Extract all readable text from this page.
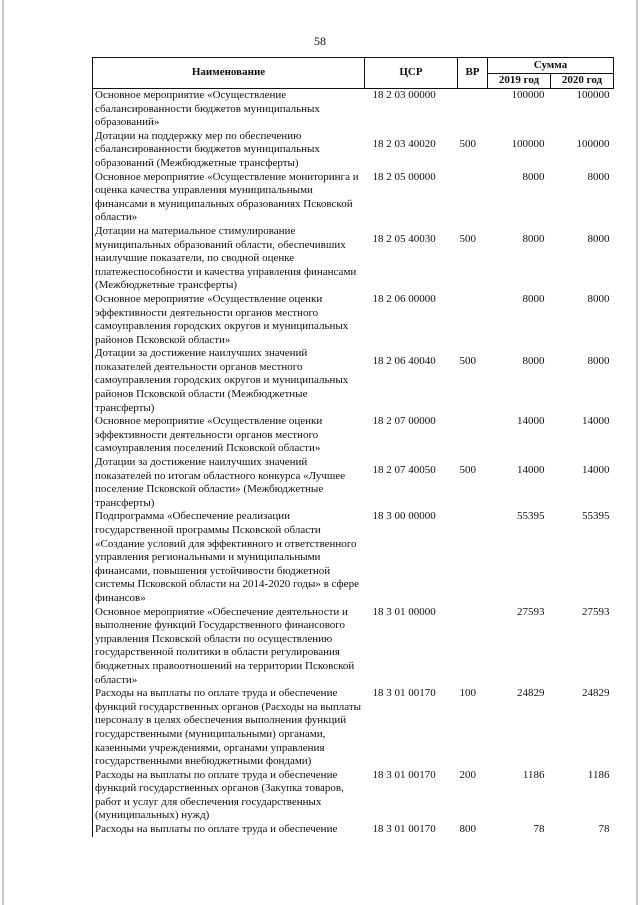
58
Наименование	ЦСР	ВР	Сумма	
			2019 год	2020 год
Основное мероприятие «Осуществление сбалансированности бюджетов муниципальных образований»	18 2 03 00000		100000	100000
Дотации на поддержку мер по обеспечению сбалансированности бюджетов муниципальных образований (Межбюджетные трансферты)	18 2 03 40020	500	100000	100000
Основное мероприятие «Осуществление мониторинга и оценка качества управления муниципальными финансами в муниципальных образованиях Псковской области»	18 2 05 00000		8000	8000
Дотации на материальное стимулирование муниципальных образований области, обеспечивших наилучшие показатели, по сводной оценке платежеспособности и качества управления финансами (Межбюджетные трансферты)	18 2 05 40030	500	8000	8000
Основное мероприятие «Осуществление оценки эффективности деятельности органов местного самоуправления городских округов и муниципальных районов Псковской области»	18 2 06 00000		8000	8000
Дотации за достижение наилучших значений показателей деятельности органов местного самоуправления городских округов и муниципальных районов Псковской области (Межбюджетные трансферты)	18 2 06 40040	500	8000	8000
Основное мероприятие «Осуществление оценки эффективности деятельности органов местного самоуправления поселений Псковской области»	18 2 07 00000		14000	14000
Дотации за достижение наилучших значений показателей по итогам областного конкурса «Лучшее поселение Псковской области» (Межбюджетные трансферты)	18 2 07 40050	500	14000	14000
Подпрограмма «Обеспечение реализации государственной программы Псковской области «Создание условий для эффективного и ответственного управления региональными и муниципальными финансами, повышения устойчивости бюджетной системы Псковской области на 2014-2020 годы» в сфере финансов»	18 3 00 00000		55395	55395
Основное мероприятие «Обеспечение деятельности и выполнение функций Государственного финансового управления Псковской области по осуществлению государственной политики в области регулирования бюджетных правоотношений на территории Псковской области»	18 3 01 00000		27593	27593
Расходы на выплаты по оплате труда и обеспечение функций государственных органов (Расходы на выплаты персоналу в целях обеспечения выполнения функций государственными (муниципальными) органами, казенными учреждениями, органами управления государственными внебюджетными фондами)	18 3 01 00170	100	24829	24829
Расходы на выплаты по оплате труда и обеспечение функций государственных органов (Закупка товаров, работ и услуг для обеспечения государственных (муниципальных) нужд)	18 3 01 00170	200	1186	1186
Расходы на выплаты по оплате труда и обеспечение	18 3 01 00170	800	78	78
